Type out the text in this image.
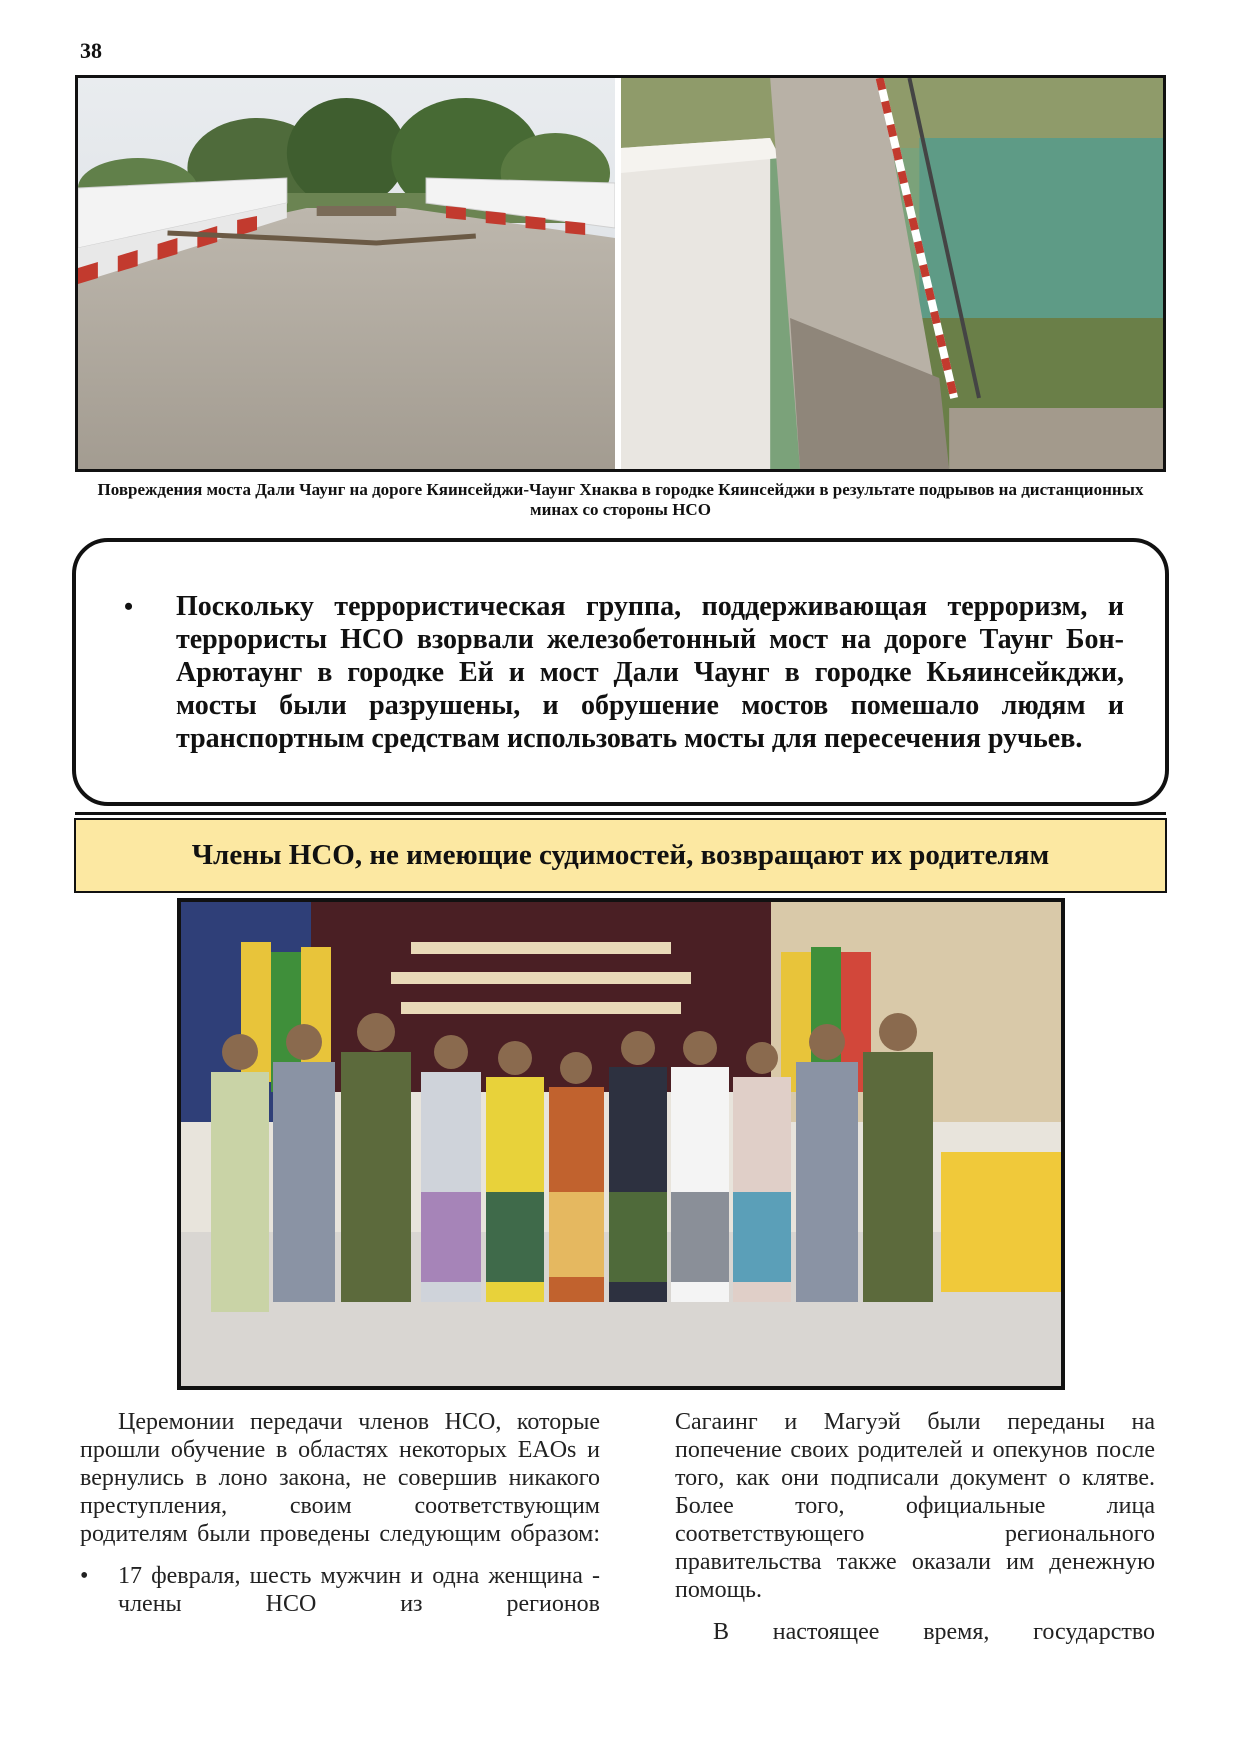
38
Повреждения моста Дали Чаунг на дороге Кяинсейджи-Чаунг Хнаква в городке Кяинсейджи в результате подрывов на дистанционных минах со стороны НСО
• Поскольку террористическая группа, поддерживающая терроризм, и террористы НСО взорвали железобетонный мост на дороге Таунг Бон-Арютаунг в городке Ей и мост Дали Чаунг в городке Кьяинсейкджи, мосты были разрушены, и обрушение мостов помешало людям и транспортным средствам использовать мосты для пересечения ручьев.
Члены НСО, не имеющие судимостей, возвращают их родителям

Церемонии передачи членов НСО, которые прошли обучение в областях некоторых EAOs и вернулись в лоно закона, не совершив никакого преступления, своим соответствующим родителям были проведены следующим образом:

• 17 февраля, шесть мужчин и одна женщина - члены НСО из регионов

Сагаинг и Магуэй были переданы на попечение своих родителей и опекунов после того, как они подписали документ о клятве. Более того, официальные лица соответствующего регионального правительства также оказали им денежную помощь.

В настоящее время, государство
